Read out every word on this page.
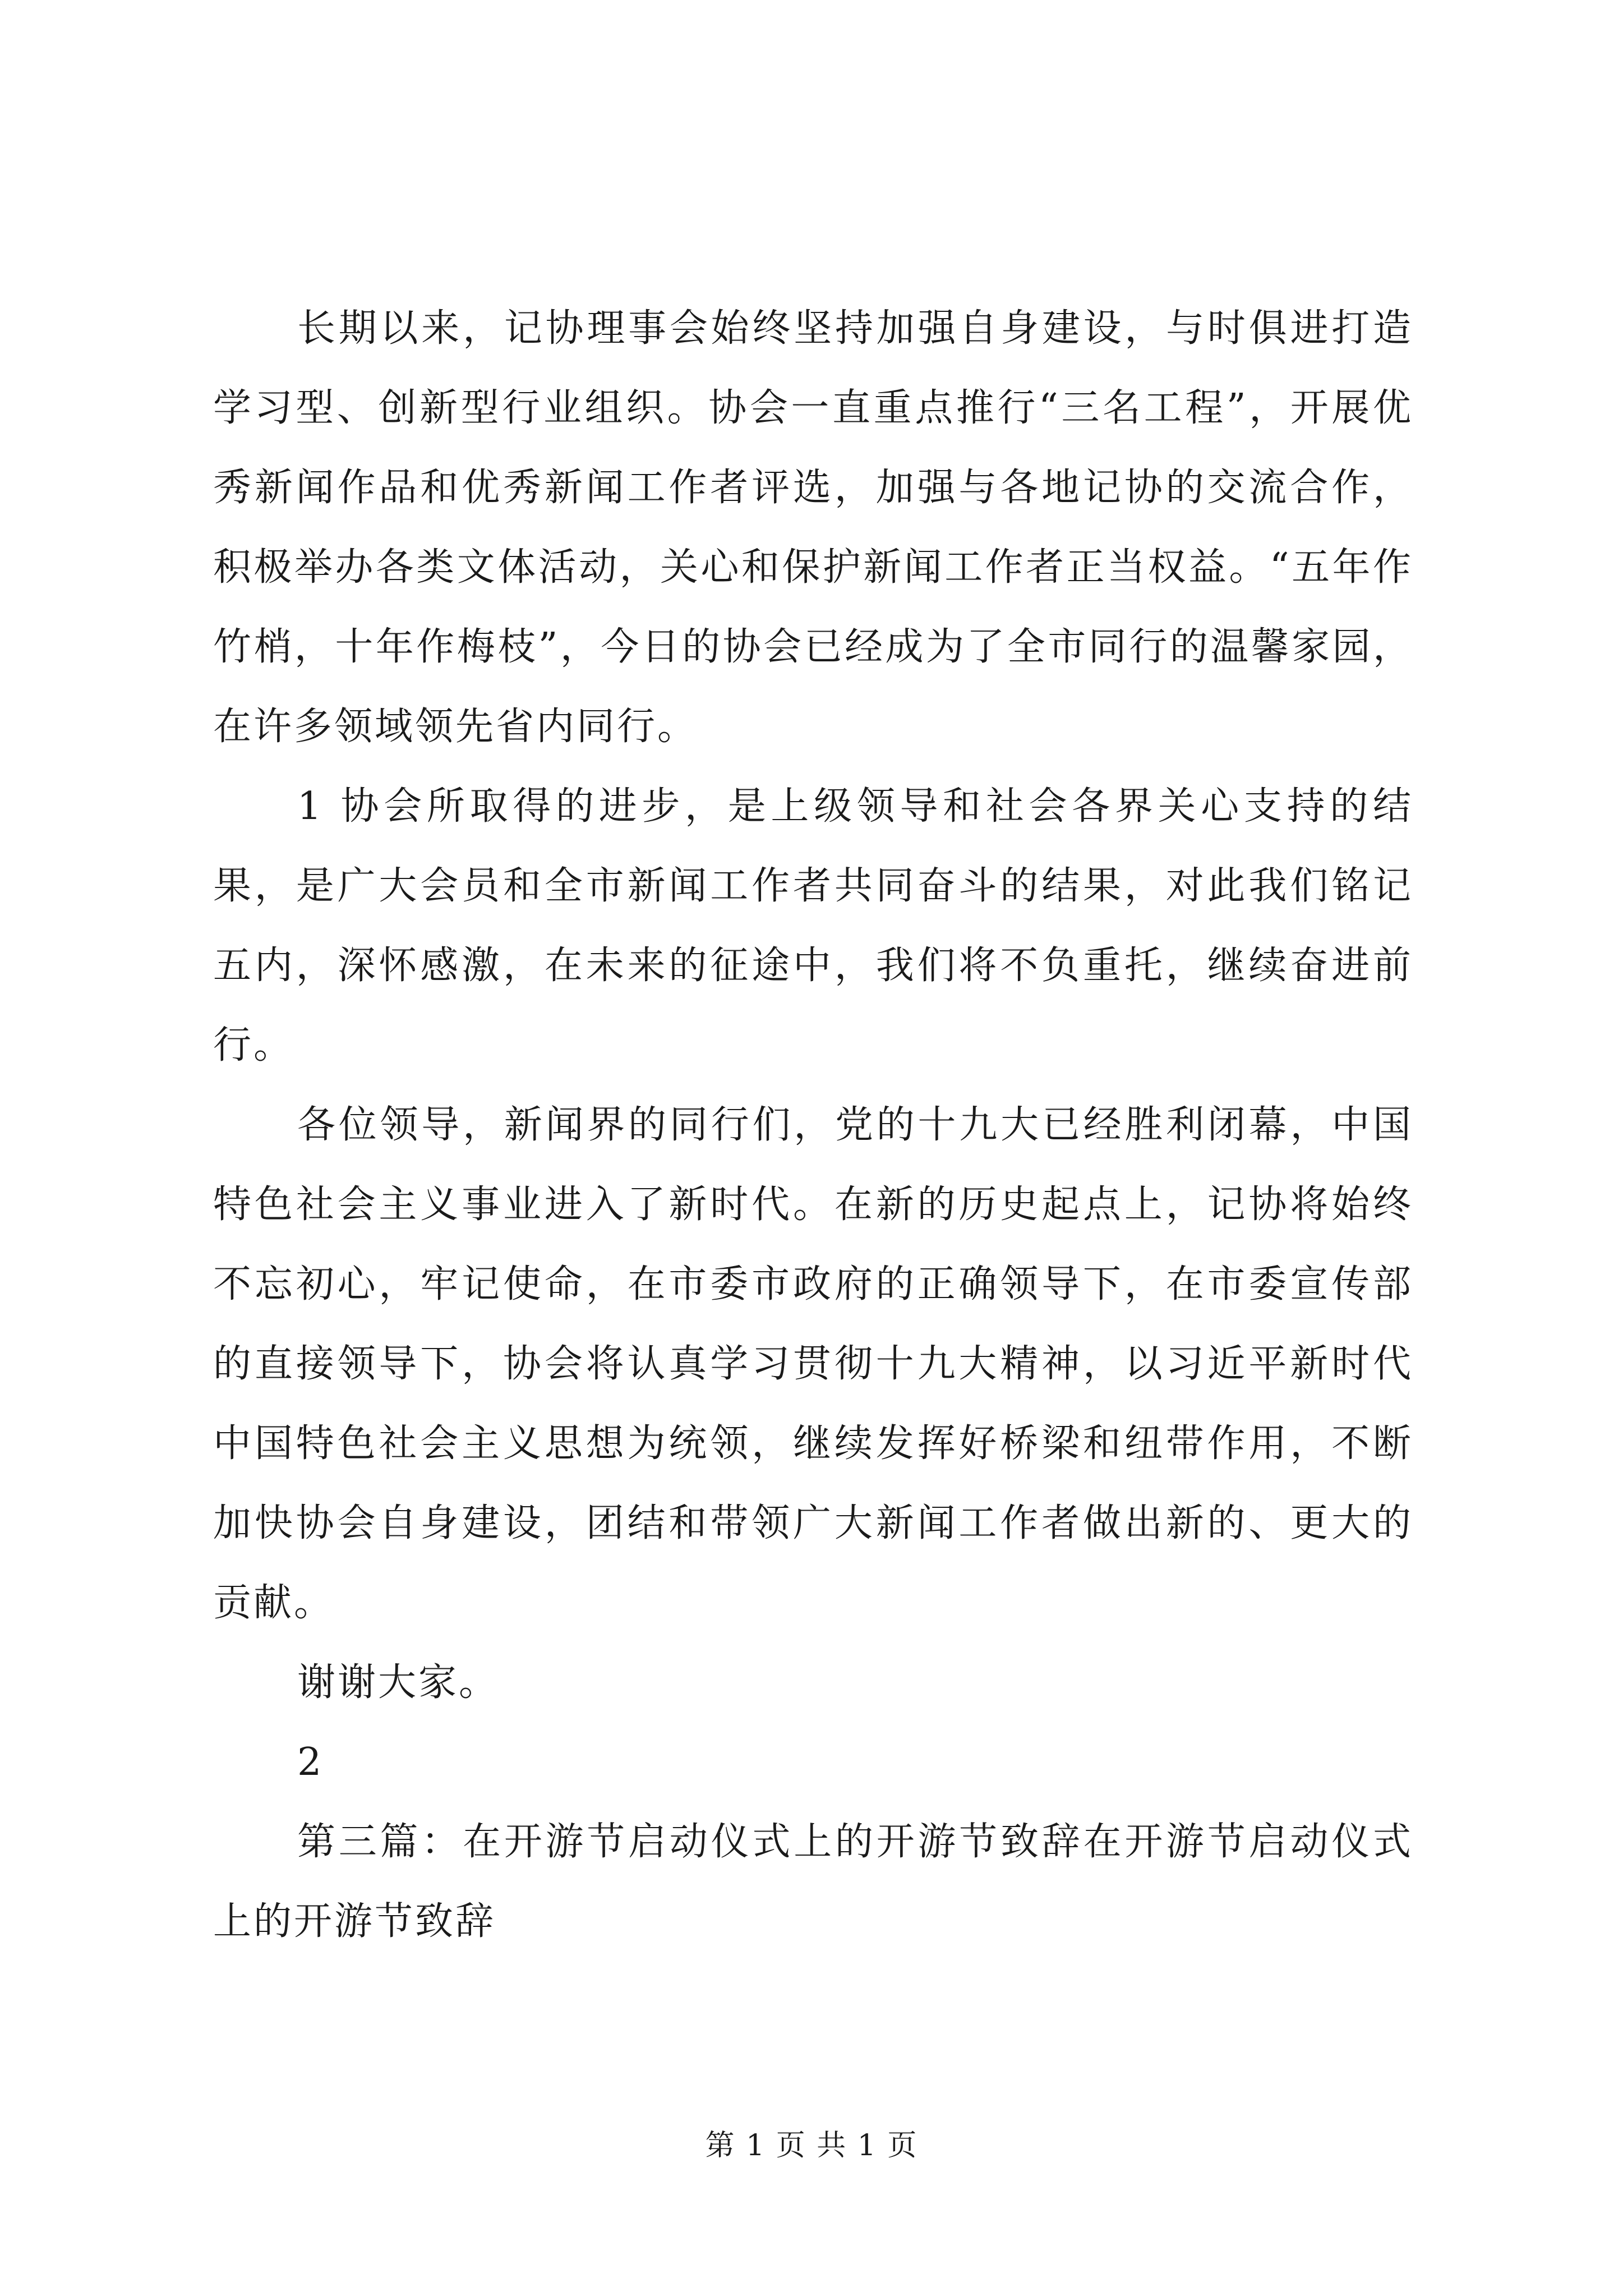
长期以来，记协理事会始终坚持加强自身建设，与时俱进打造学习型、创新型行业组织。协会一直重点推行“三名工程”，开展优秀新闻作品和优秀新闻工作者评选，加强与各地记协的交流合作，积极举办各类文体活动，关心和保护新闻工作者正当权益。“五年作竹梢，十年作梅枝”，今日的协会已经成为了全市同行的温馨家园，在许多领域领先省内同行。

1 协会所取得的进步，是上级领导和社会各界关心支持的结果，是广大会员和全市新闻工作者共同奋斗的结果，对此我们铭记五内，深怀感激，在未来的征途中，我们将不负重托，继续奋进前行。

各位领导，新闻界的同行们，党的十九大已经胜利闭幕，中国特色社会主义事业进入了新时代。在新的历史起点上，记协将始终不忘初心，牢记使命，在市委市政府的正确领导下，在市委宣传部的直接领导下，协会将认真学习贯彻十九大精神，以习近平新时代中国特色社会主义思想为统领，继续发挥好桥梁和纽带作用，不断加快协会自身建设，团结和带领广大新闻工作者做出新的、更大的贡献。

谢谢大家。

2

第三篇：在开游节启动仪式上的开游节致辞在开游节启动仪式上的开游节致辞

第 1 页 共 1 页
